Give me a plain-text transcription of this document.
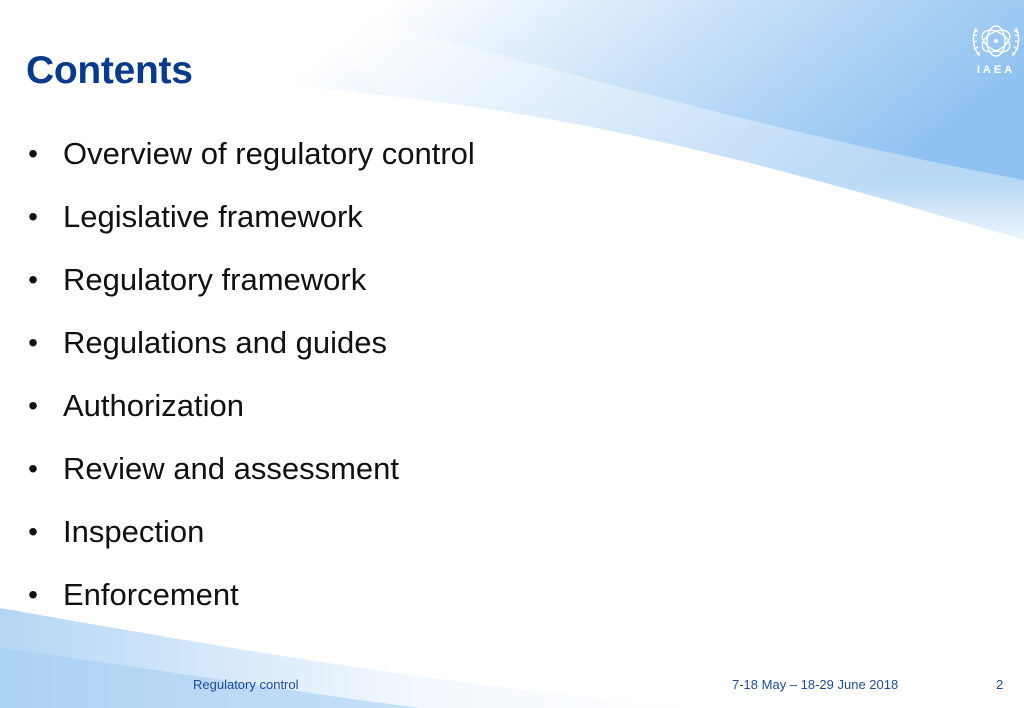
Contents	IAEA
• Overview of regulatory control
• Legislative framework
• Regulatory framework
• Regulations and guides
• Authorization
• Review and assessment
• Inspection
• Enforcement
Regulatory control	7-18 May – 18-29 June 2018	2
